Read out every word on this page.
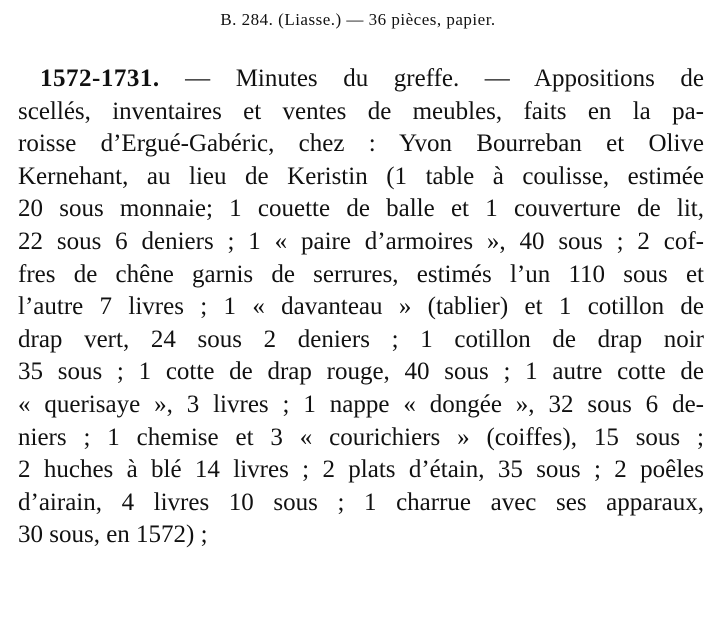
B. 284. (Liasse.) — 36 pièces, papier.
1572-1731. — Minutes du greffe. — Appositions de
scellés, inventaires et ventes de meubles, faits en la pa-
roisse d’Ergué-Gabéric, chez : Yvon Bourreban et Olive
Kernehant, au lieu de Keristin (1 table à coulisse, estimée
20 sous monnaie; 1 couette de balle et 1 couverture de lit,
22 sous 6 deniers ; 1 « paire d’armoires », 40 sous ; 2 cof-
fres de chêne garnis de serrures, estimés l’un 110 sous et
l’autre 7 livres ; 1 « davanteau » (tablier) et 1 cotillon de
drap vert, 24 sous 2 deniers ; 1 cotillon de drap noir
35 sous ; 1 cotte de drap rouge, 40 sous ; 1 autre cotte de
« querisaye », 3 livres ; 1 nappe « dongée », 32 sous 6 de-
niers ; 1 chemise et 3 « courichiers » (coiffes), 15 sous ;
2 huches à blé 14 livres ; 2 plats d’étain, 35 sous ; 2 poêles
d’airain, 4 livres 10 sous ; 1 charrue avec ses apparaux,
30 sous, en 1572) ;
